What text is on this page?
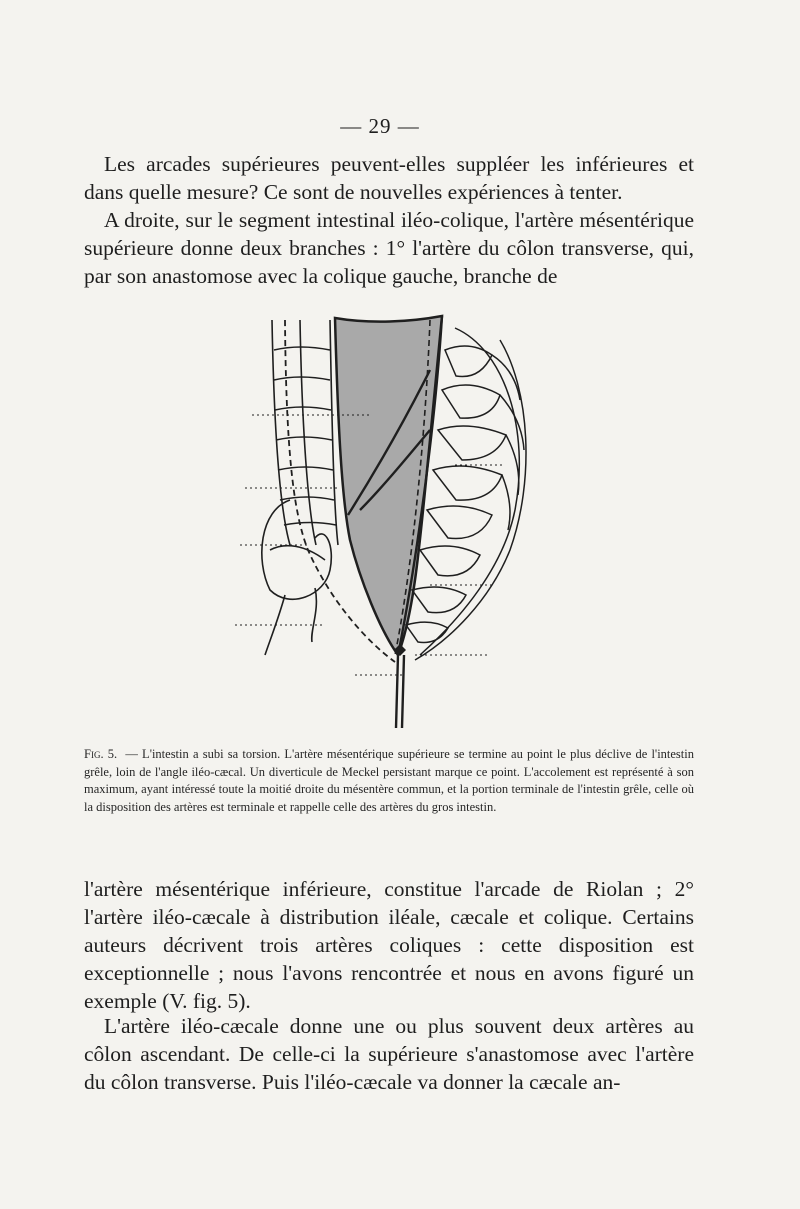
— 29 —

Les arcades supérieures peuvent-elles suppléer les inférieures et dans quelle mesure? Ce sont de nouvelles expériences à tenter.

A droite, sur le segment intestinal iléo-colique, l'artère mésentérique supérieure donne deux branches : 1° l'artère du côlon transverse, qui, par son anastomose avec la colique gauche, branche de

Fig. 5. — L'intestin a subi sa torsion. L'artère mésentérique supérieure se termine au point le plus déclive de l'intestin grêle, loin de l'angle iléo-cæcal. Un diverticule de Meckel persistant marque ce point. L'accolement est représenté à son maximum, ayant intéressé toute la moitié droite du mésentère commun, et la portion terminale de l'intestin grêle, celle où la disposition des artères est terminale et rappelle celle des artères du gros intestin.

l'artère mésentérique inférieure, constitue l'arcade de Riolan ; 2° l'artère iléo-cæcale à distribution iléale, cæcale et colique. Certains auteurs décrivent trois artères coliques : cette disposition est exceptionnelle ; nous l'avons rencontrée et nous en avons figuré un exemple (V. fig. 5).

L'artère iléo-cæcale donne une ou plus souvent deux artères au côlon ascendant. De celle-ci la supérieure s'anastomose avec l'artère du côlon transverse. Puis l'iléo-cæcale va donner la cæcale an-
